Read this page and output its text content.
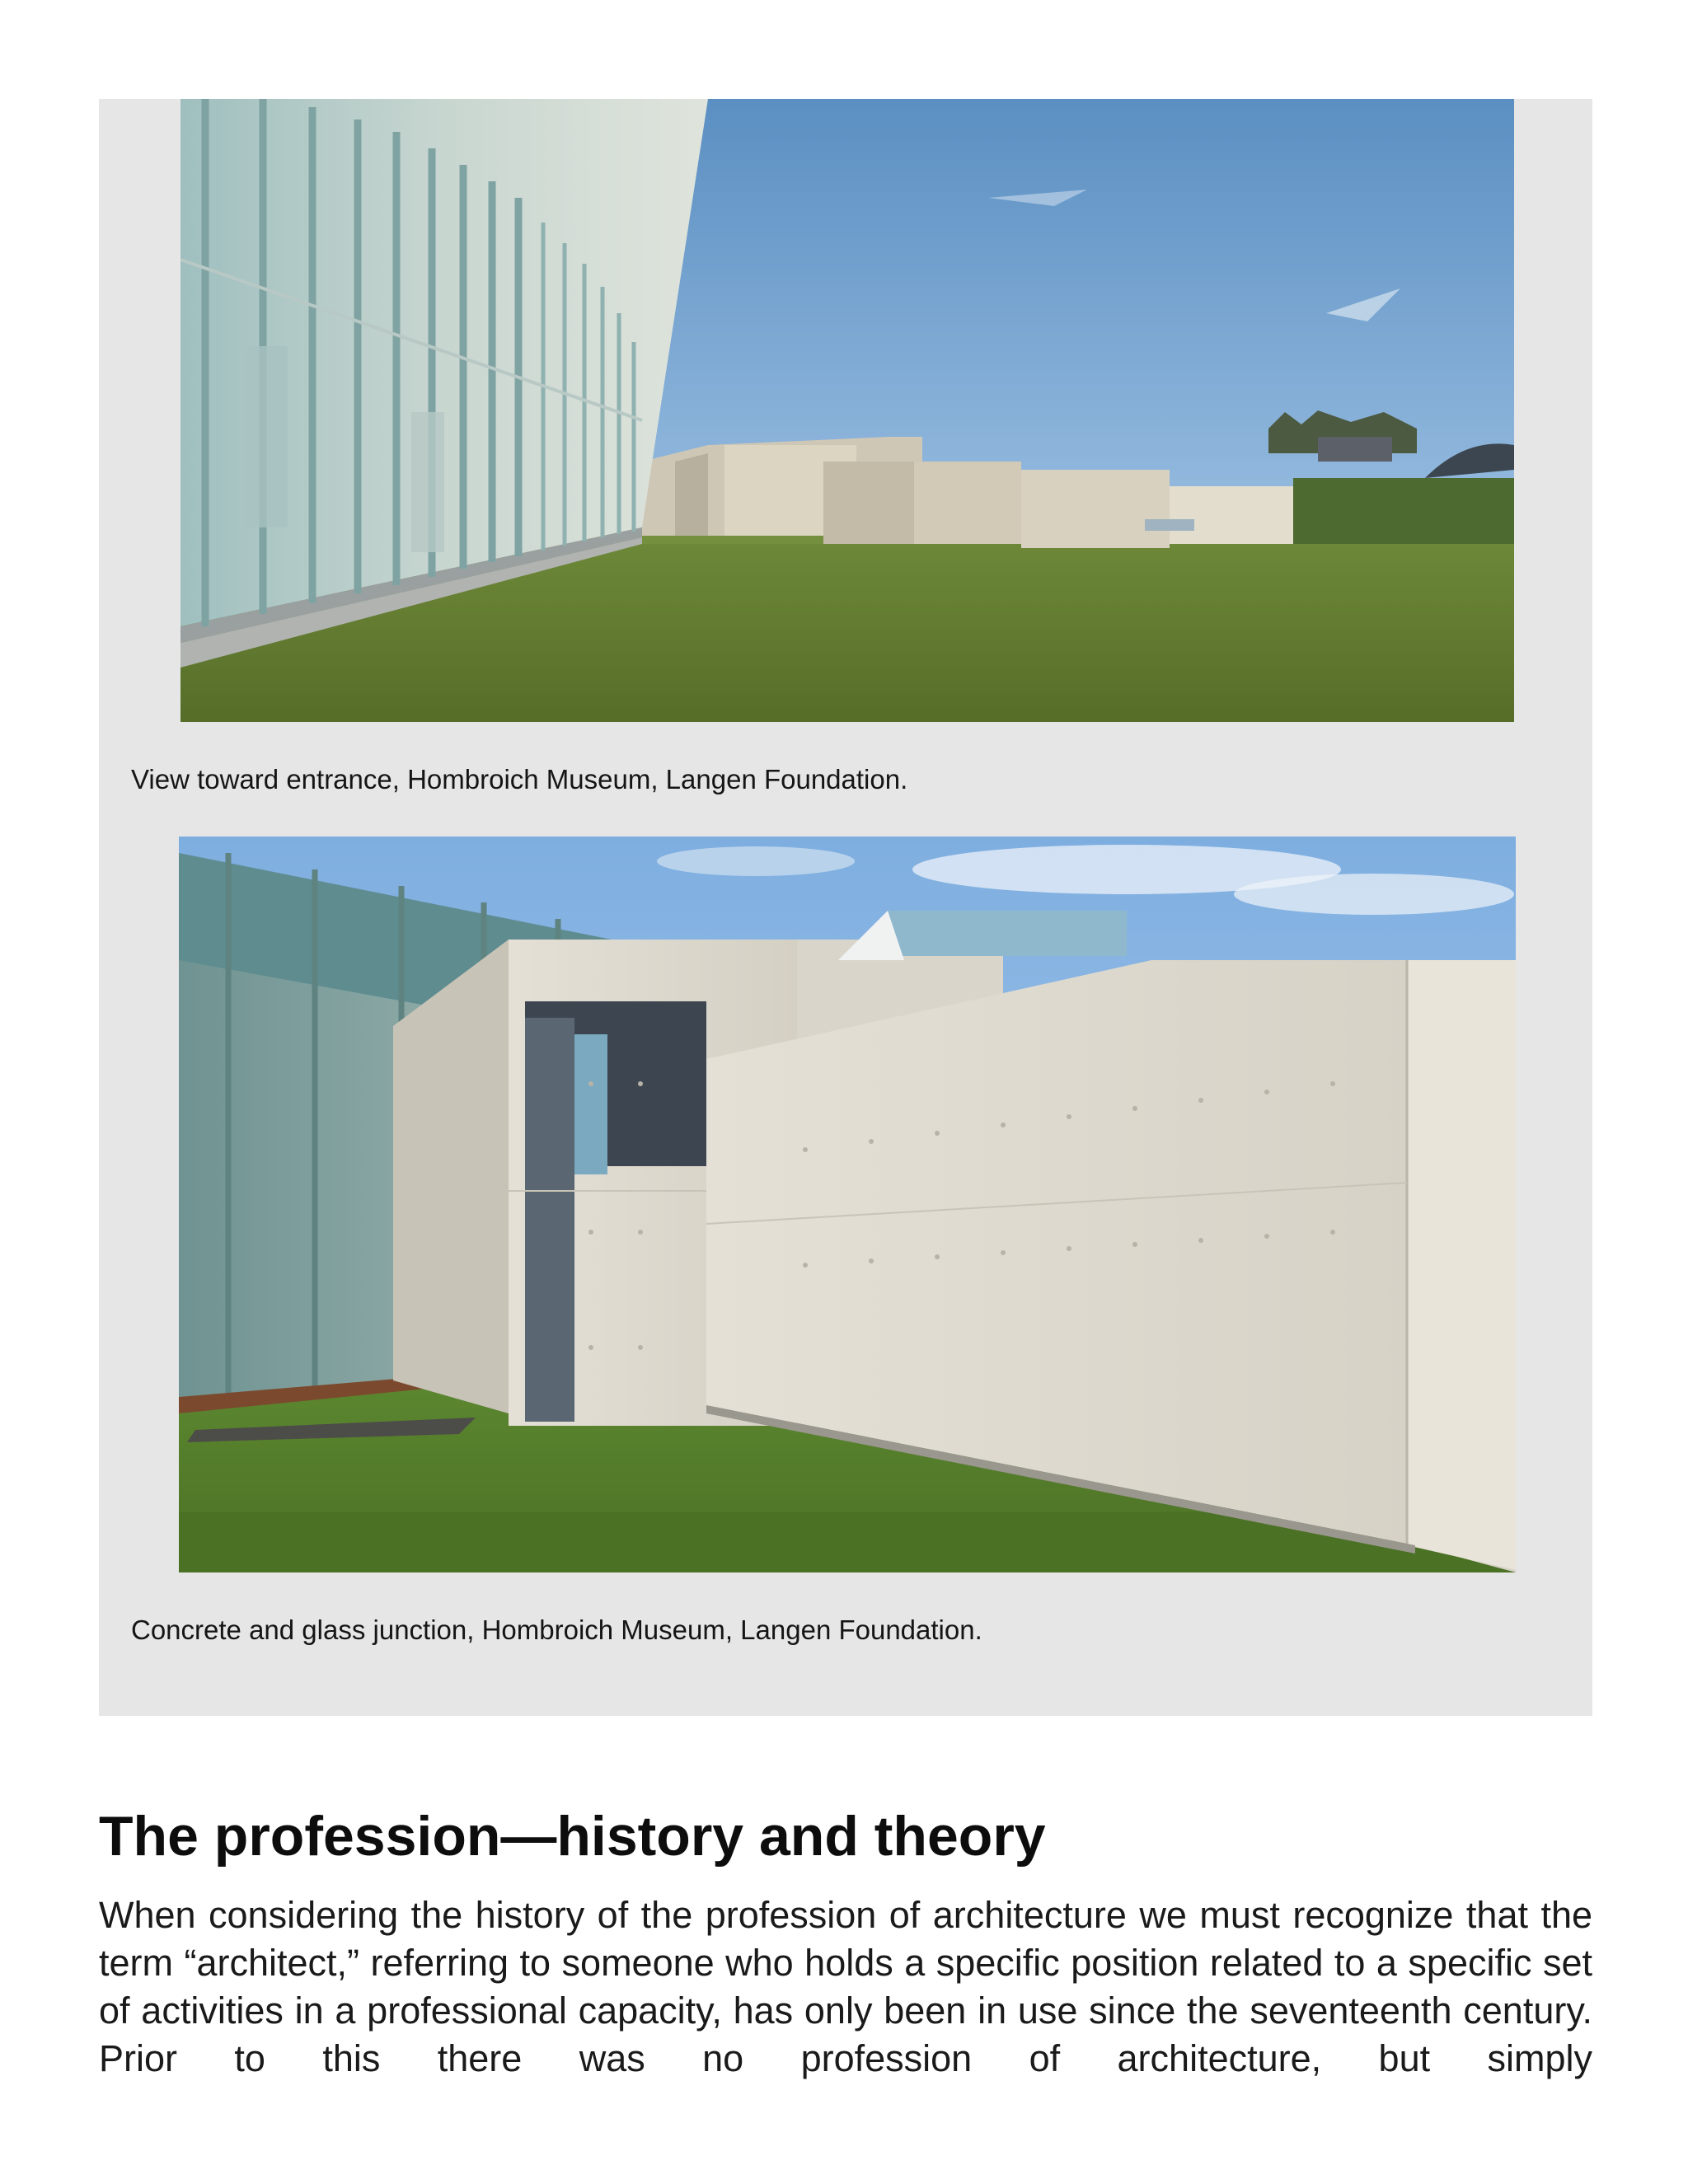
View toward entrance, Hombroich Museum, Langen Foundation.
Concrete and glass junction, Hombroich Museum, Langen Foundation.
The profession—history and theory

When considering the history of the profession of architecture we must recognize that the term “architect,” referring to someone who holds a specific position related to a specific set of activities in a professional capacity, has only been in use since the seventeenth century. Prior to this there was no profession of architecture, but simply
